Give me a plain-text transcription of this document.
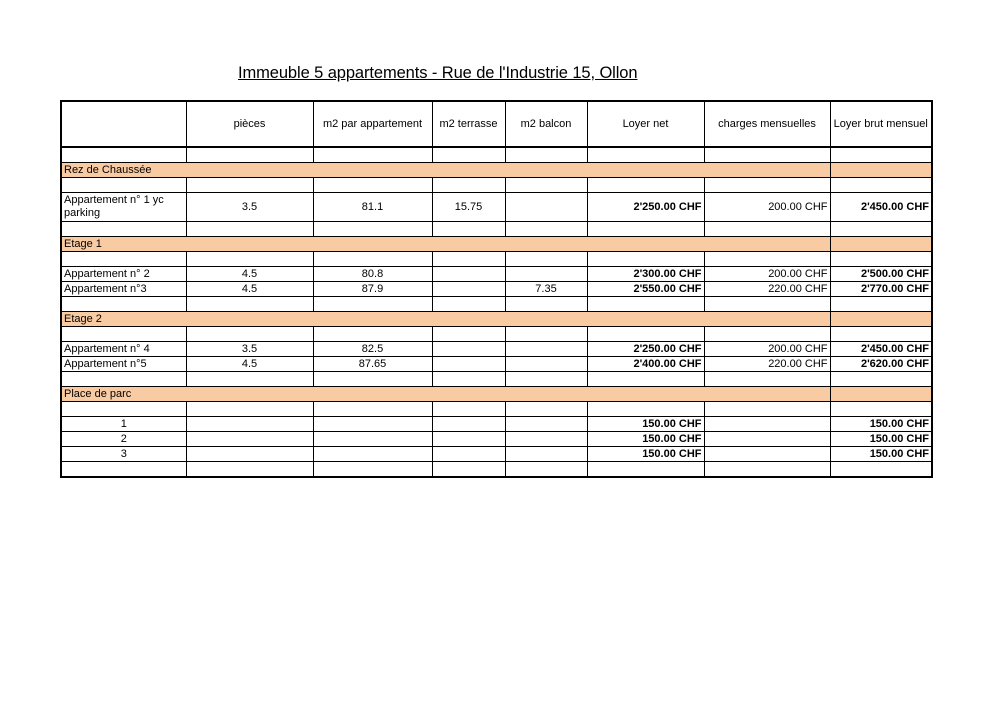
Immeuble 5 appartements - Rue de l'Industrie 15, Ollon
	pièces	m2 par appartement	m2 terrasse	m2 balcon	Loyer net	charges mensuelles	Loyer brut mensuel

Rez de Chaussée							

Appartement n° 1 yc parking	3.5	81.1	15.75		2'250.00 CHF	200.00 CHF	2'450.00 CHF

Etage 1							

Appartement n° 2	4.5	80.8			2'300.00 CHF	200.00 CHF	2'500.00 CHF
Appartement n°3	4.5	87.9		7.35	2'550.00 CHF	220.00 CHF	2'770.00 CHF

Etage 2							

Appartement n° 4	3.5	82.5			2'250.00 CHF	200.00 CHF	2'450.00 CHF
Appartement n°5	4.5	87.65			2'400.00 CHF	220.00 CHF	2'620.00 CHF

Place de parc							

1					150.00 CHF		150.00 CHF
2					150.00 CHF		150.00 CHF
3					150.00 CHF		150.00 CHF
